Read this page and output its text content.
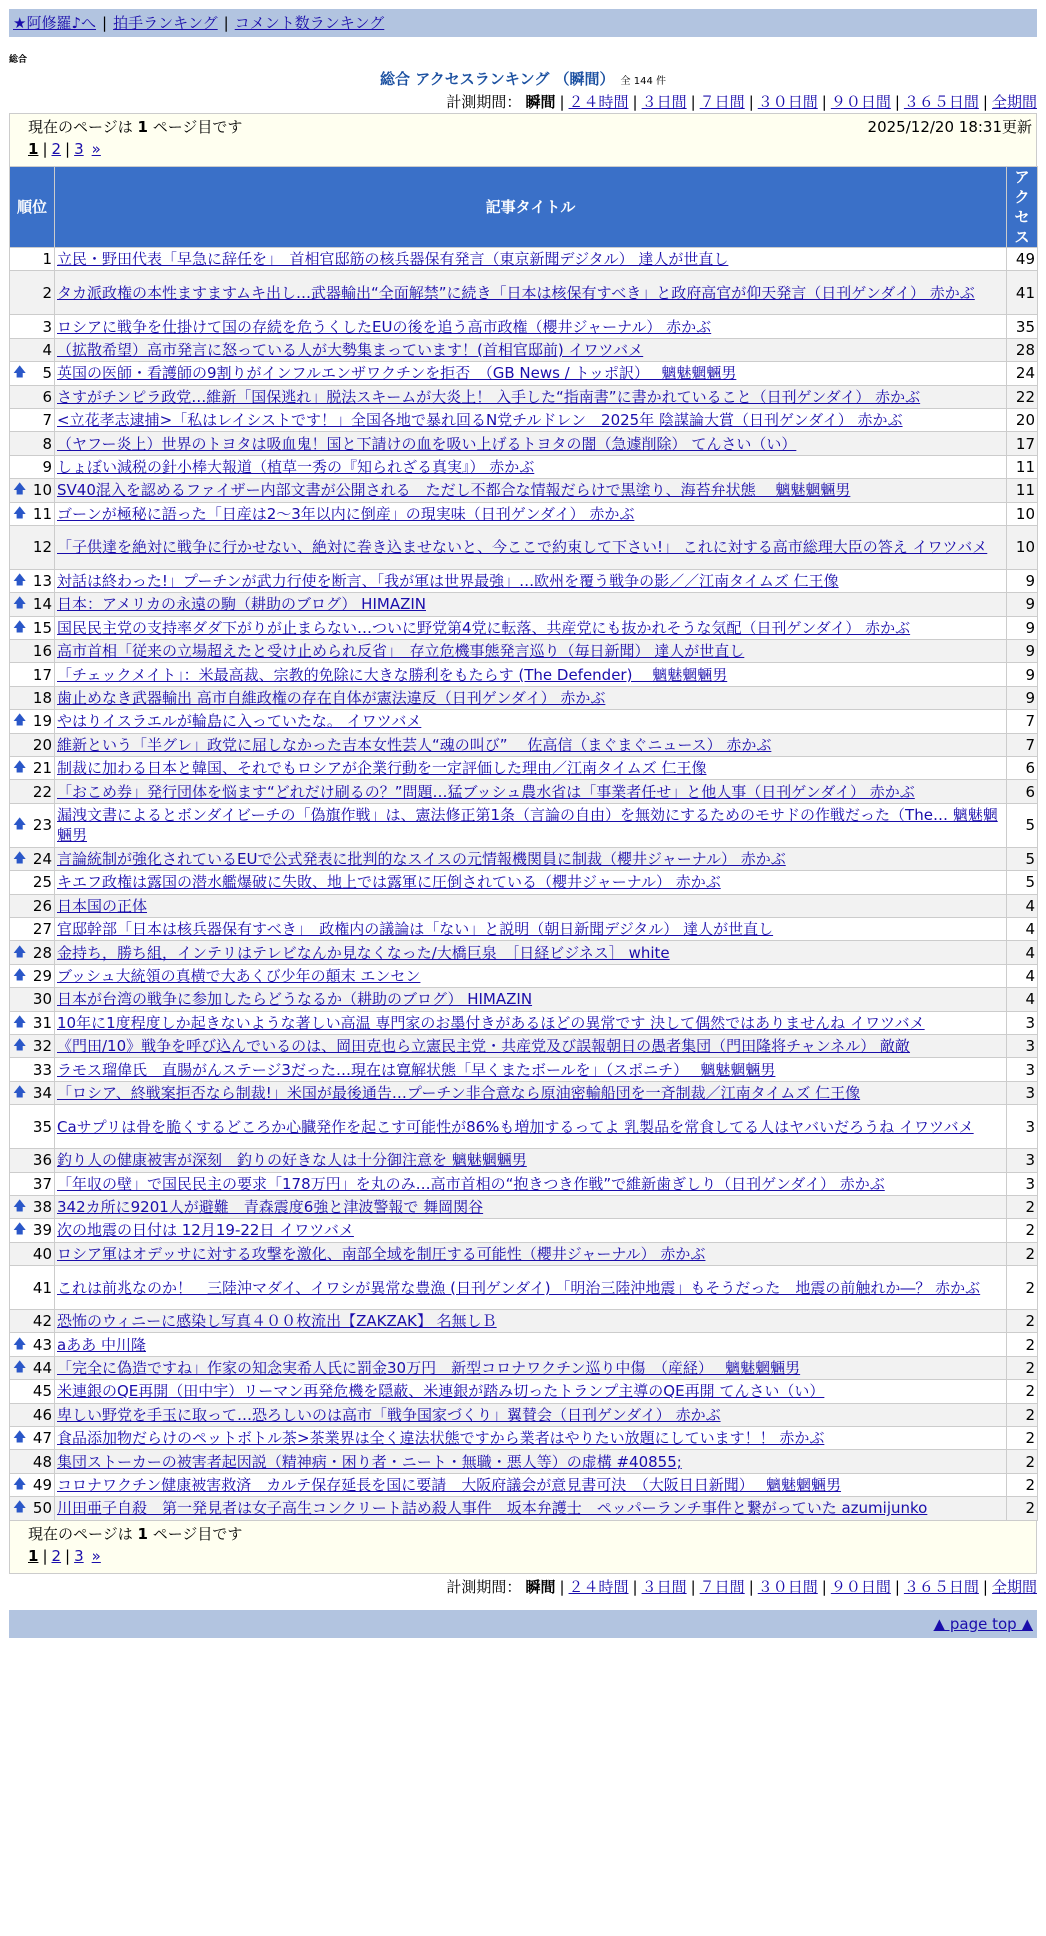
★阿修羅♪へ | 拍手ランキング | コメント数ランキング
総合
総合 アクセスランキング （瞬間） 全 144 件
計測期間： 瞬間 | ２４時間 | ３日間 | ７日間 | ３０日間 | ９０日間 | ３６５日間 | 全期間
現在のページは 1 ページ目です	2025/12/20 18:31更新
1 | 2 | 3 »
順位	記事タイトル	アクセス
1	立民・野田代表「早急に辞任を」　首相官邸筋の核兵器保有発言（東京新聞デジタル） 達人が世直し	49
2	タカ派政権の本性ますますムキ出し…武器輸出“全面解禁”に続き「日本は核保有すべき」と政府高官が仰天発言（日刊ゲンダイ） 赤かぶ	41
3	ロシアに戦争を仕掛けて国の存続を危うくしたEUの後を追う高市政権（櫻井ジャーナル） 赤かぶ	35
4	（拡散希望）高市発言に怒っている人が大勢集まっています！(首相官邸前) イワツバメ	28

🡅 5	英国の医師・看護師の9割りがインフルエンザワクチンを拒否　（GB News / トッポ訳）　 魑魅魍魎男	24
6	さすがチンピラ政党…維新「国保逃れ」脱法スキームが大炎上！ 入手した“指南書”に書かれていること（日刊ゲンダイ） 赤かぶ	22
7	<立花孝志逮捕>「私はレイシストです！」全国各地で暴れ回るN党チルドレン　2025年 陰謀論大賞（日刊ゲンダイ） 赤かぶ	20
8	（ヤフー炎上）世界のトヨタは吸血鬼！国と下請けの血を吸い上げるトヨタの闇（急遽削除） てんさい（い）	17
9	しょぼい減税の針小棒大報道（植草一秀の『知られざる真実』） 赤かぶ	11

🡅 10	SV40混入を認めるファイザー内部文書が公開される　ただし不都合な情報だらけで黒塗り、海苔弁状態　 魑魅魍魎男	11

🡅 11	ゴーンが極秘に語った「日産は2～3年以内に倒産」の現実味（日刊ゲンダイ） 赤かぶ	10
12	「子供達を絶対に戦争に行かせない、絶対に巻き込ませないと、今ここで約束して下さい!」 これに対する高市総理大臣の答え イワツバメ	10

🡅 13	対話は終わった!」プーチンが武力行使を断言、「我が軍は世界最強」…欧州を覆う戦争の影／／江南タイムズ 仁王像	9

🡅 14	日本：アメリカの永遠の駒（耕助のブログ） HIMAZIN	9

🡅 15	国民民主党の支持率ダダ下がりが止まらない…ついに野党第4党に転落、共産党にも抜かれそうな気配（日刊ゲンダイ） 赤かぶ	9
16	高市首相「従来の立場超えたと受け止められ反省」　存立危機事態発言巡り（毎日新聞） 達人が世直し	9
17	「チェックメイト」：米最高裁、宗教的免除に大きな勝利をもたらす (The Defender)　 魑魅魍魎男	9
18	歯止めなき武器輸出 高市自維政権の存在自体が憲法違反（日刊ゲンダイ） 赤かぶ	9

🡅 19	やはりイスラエルが輪島に入っていたな。 イワツバメ	7
20	維新という「半グレ」政党に屈しなかった吉本女性芸人“魂の叫び”　 佐高信（まぐまぐニュース） 赤かぶ	7

🡅 21	制裁に加わる日本と韓国、それでもロシアが企業行動を一定評価した理由／江南タイムズ 仁王像	6
22	「おこめ券」発行団体を悩ます“どれだけ刷るの？”問題…猛ブッシュ農水省は「事業者任せ」と他人事（日刊ゲンダイ） 赤かぶ	6

🡅 23	漏洩文書によるとボンダイビーチの「偽旗作戦」は、憲法修正第1条（言論の自由）を無効にするためのモサドの作戦だった（The… 魑魅魍魎男	5

🡅 24	言論統制が強化されているEUで公式発表に批判的なスイスの元情報機関員に制裁（櫻井ジャーナル） 赤かぶ	5
25	キエフ政権は露国の潜水艦爆破に失敗、地上では露軍に圧倒されている（櫻井ジャーナル） 赤かぶ	5
26	日本国の正体	4
27	官邸幹部「日本は核兵器保有すべき」　政権内の議論は「ない」と説明（朝日新聞デジタル） 達人が世直し	4

🡅 28	金持ち，勝ち組，インテリはテレビなんか見なくなった/大橋巨泉　［日経ビジネス］ white	4

🡅 29	ブッシュ大統領の真横で大あくび少年の顛末 エンセン	4
30	日本が台湾の戦争に参加したらどうなるか（耕助のブログ） HIMAZIN	4

🡅 31	10年に1度程度しか起きないような著しい高温 専門家のお墨付きがあるほどの異常です 決して偶然ではありませんね イワツバメ	3

🡅 32	《門田/10》戦争を呼び込んでいるのは、岡田克也ら立憲民主党・共産党及び誤報朝日の愚者集団（門田隆将チャンネル） 敵敵	3
33	ラモス瑠偉氏　直腸がんステージ3だった…現在は寛解状態「早くまたボールを」（スポニチ）　 魑魅魍魎男	3

🡅 34	「ロシア、終戦案拒否なら制裁!」米国が最後通告…プーチン非合意なら原油密輸船団を一斉制裁／江南タイムズ 仁王像	3
35	Caサプリは骨を脆くするどころか心臓発作を起こす可能性が86%も増加するってよ 乳製品を常食してる人はヤバいだろうね イワツバメ	3
36	釣り人の健康被害が深刻　釣りの好きな人は十分御注意を 魑魅魍魎男	3
37	「年収の壁」で国民民主の要求「178万円」を丸のみ…高市首相の“抱きつき作戦”で維新歯ぎしり（日刊ゲンダイ） 赤かぶ	3

🡅 38	342カ所に9201人が避難　青森震度6強と津波警報で 舞岡関谷	2

🡅 39	次の地震の日付は 12月19-22日 イワツバメ	2
40	ロシア軍はオデッサに対する攻撃を激化、南部全域を制圧する可能性（櫻井ジャーナル） 赤かぶ	2
41	これは前兆なのか！　三陸沖マダイ、イワシが異常な豊漁 (日刊ゲンダイ) 「明治三陸沖地震」もそうだった　地震の前触れか―？ 赤かぶ	2
42	恐怖のウィニーに感染し写真４００枚流出【ZAKZAK】 名無しＢ	2

🡅 43	aああ 中川隆	2

🡅 44	「完全に偽造ですね」作家の知念実希人氏に罰金30万円　新型コロナワクチン巡り中傷　（産経）　 魑魅魍魎男	2
45	米連銀のQE再開（田中宇）リーマン再発危機を隠蔽、米連銀が踏み切ったトランプ主導のQE再開 てんさい（い）	2
46	卑しい野党を手玉に取って…恐ろしいのは高市「戦争国家づくり」翼賛会（日刊ゲンダイ） 赤かぶ	2

🡅 47	食品添加物だらけのペットボトル茶>茶業界は全く違法状態ですから業者はやりたい放題にしています！！ 赤かぶ	2
48	集団ストーカーの被害者起因説（精神病・困り者・ニート・無職・悪人等）の虚構 #40855;	2

🡅 49	コロナワクチン健康被害救済　カルテ保存延長を国に要請　大阪府議会が意見書可決　（大阪日日新聞）　 魑魅魍魎男	2

🡅 50	川田亜子自殺　第一発見者は女子高生コンクリート詰め殺人事件　坂本弁護士　ペッパーランチ事件と繋がっていた azumijunko	2
現在のページは 1 ページ目です
1 | 2 | 3 »
計測期間： 瞬間 | ２４時間 | ３日間 | ７日間 | ３０日間 | ９０日間 | ３６５日間 | 全期間
▲ page top ▲
